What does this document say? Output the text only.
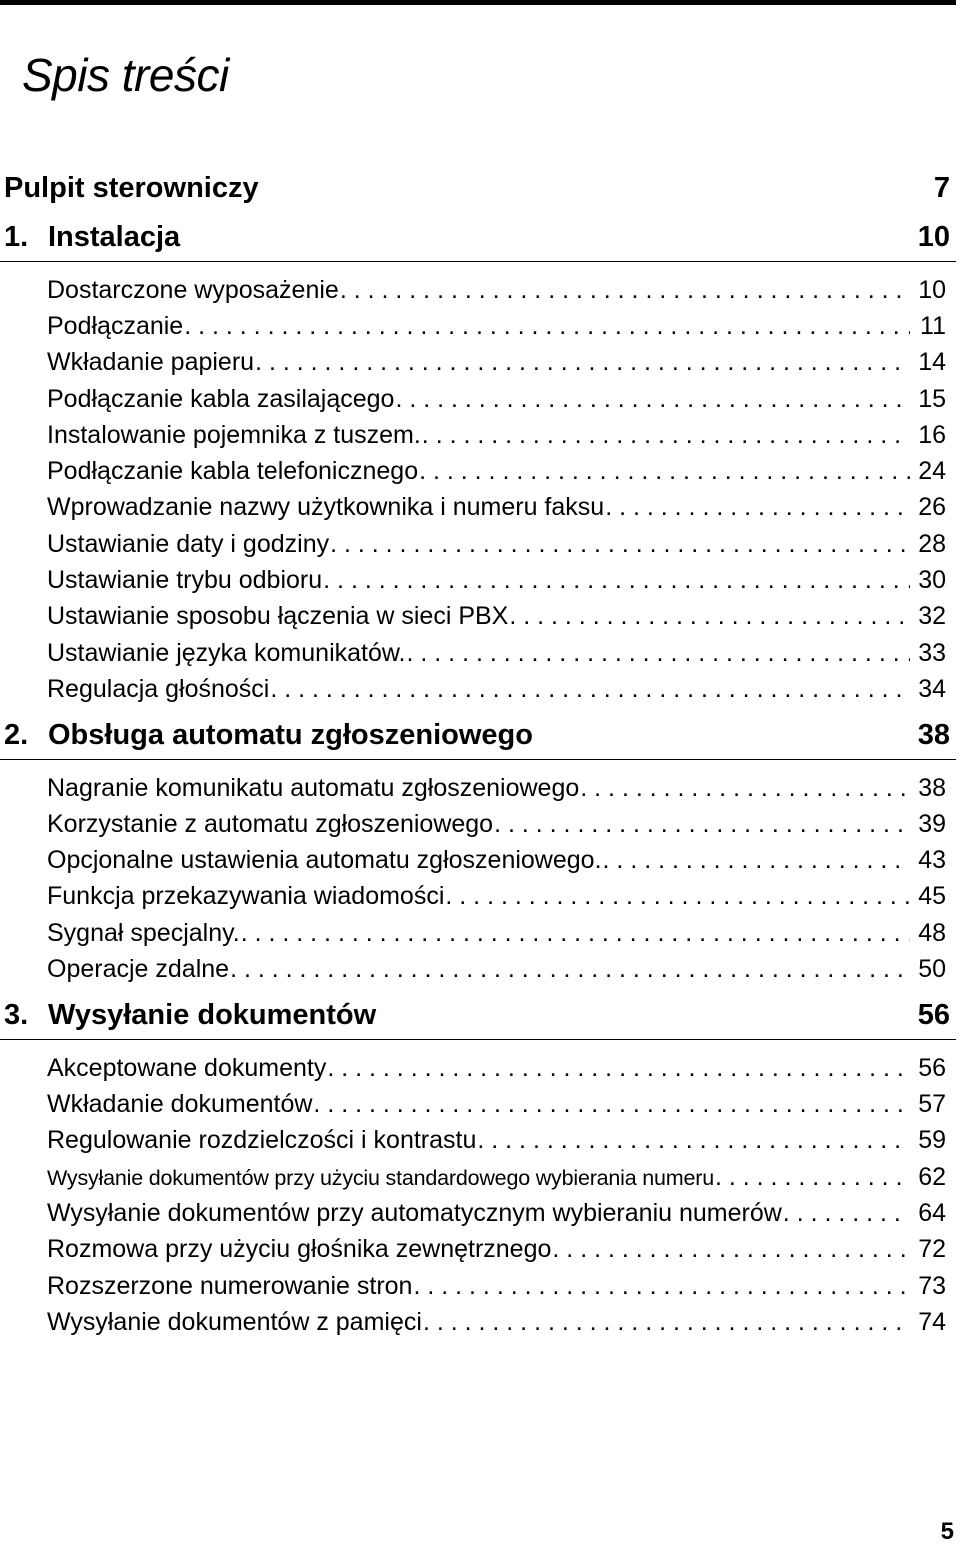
Spis treści
Pulpit sterowniczy	7
1. Instalacja	10
Dostarczone wyposażenie . . .	10
Podłączanie . . .	11
Wkładanie papieru . . .	14
Podłączanie kabla zasilającego . . .	15
Instalowanie pojemnika z tuszem. . . .	16
Podłączanie kabla telefonicznego . . .	24
Wprowadzanie nazwy użytkownika i numeru faksu . . .	26
Ustawianie daty i godziny . . .	28
Ustawianie trybu odbioru . . .	30
Ustawianie sposobu łączenia w sieci PBX . . .	32
Ustawianie języka komunikatów. . . .	33
Regulacja głośności . . .	34
2. Obsługa automatu zgłoszeniowego	38
Nagranie komunikatu automatu zgłoszeniowego . . .	38
Korzystanie z automatu zgłoszeniowego . . .	39
Opcjonalne ustawienia automatu zgłoszeniowego. . . .	43
Funkcja przekazywania wiadomości . . .	45
Sygnał specjalny. . . .	48
Operacje zdalne . . .	50
3. Wysyłanie dokumentów	56
Akceptowane dokumenty . . .	56
Wkładanie dokumentów . . .	57
Regulowanie rozdzielczości i kontrastu . . .	59
Wysyłanie dokumentów przy użyciu standardowego wybierania numeru . . .	62
Wysyłanie dokumentów przy automatycznym wybieraniu numerów . . .	64
Rozmowa przy użyciu głośnika zewnętrznego . . .	72
Rozszerzone numerowanie stron . . .	73
Wysyłanie dokumentów z pamięci . . .	74
5
